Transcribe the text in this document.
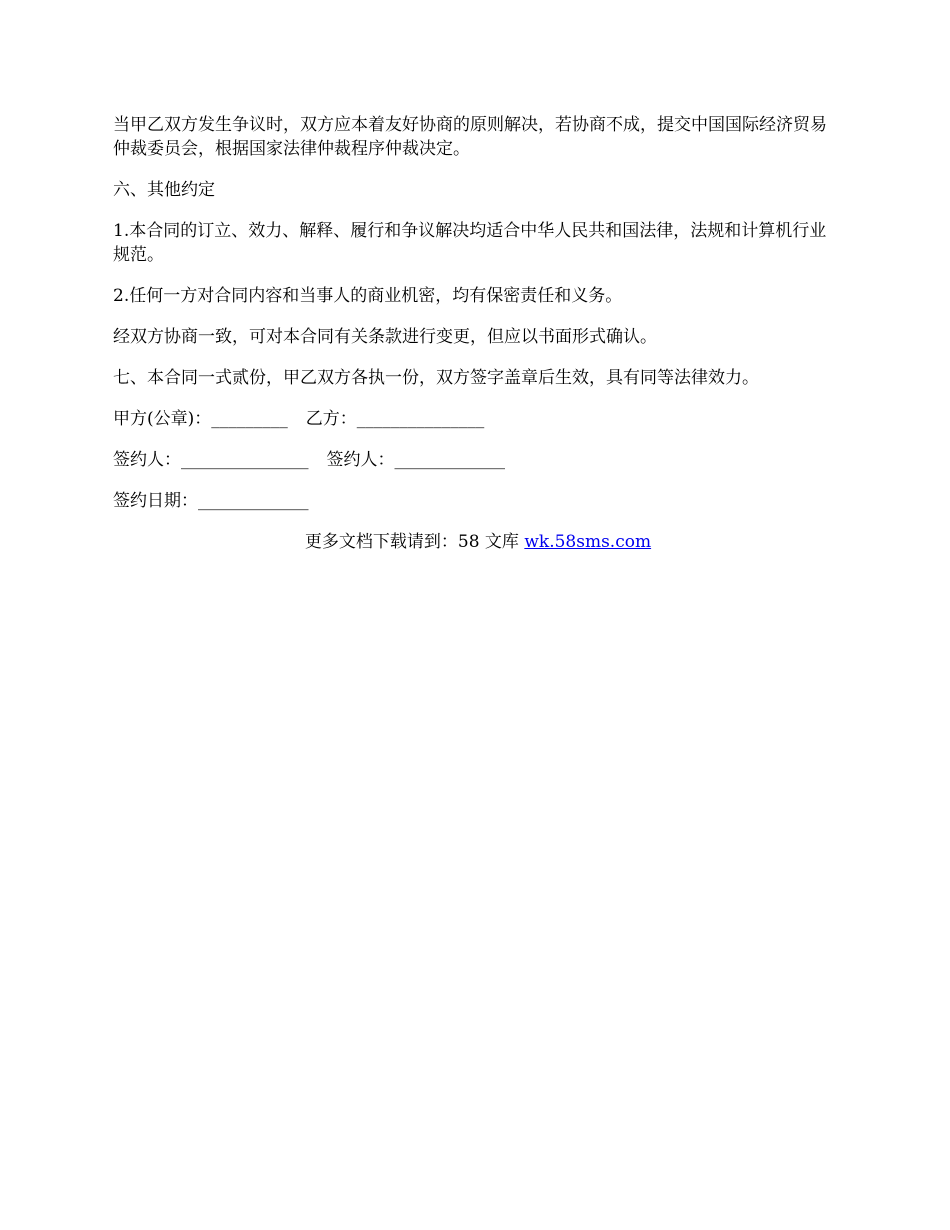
当甲乙双方发生争议时，双方应本着友好协商的原则解决，若协商不成，提交中国国际经济贸易仲裁委员会，根据国家法律仲裁程序仲裁决定。

六、其他约定

1.本合同的订立、效力、解释、履行和争议解决均适合中华人民共和国法律，法规和计算机行业规范。

2.任何一方对合同内容和当事人的商业机密，均有保密责任和义务。

经双方协商一致，可对本合同有关条款进行变更，但应以书面形式确认。

七、本合同一式贰份，甲乙双方各执一份，双方签字盖章后生效，具有同等法律效力。

甲方(公章)：_________ 乙方：_______________
签约人：_______________ 签约人：_____________
签约日期：_____________
更多文档下载请到：58 文库 wk.58sms.com
